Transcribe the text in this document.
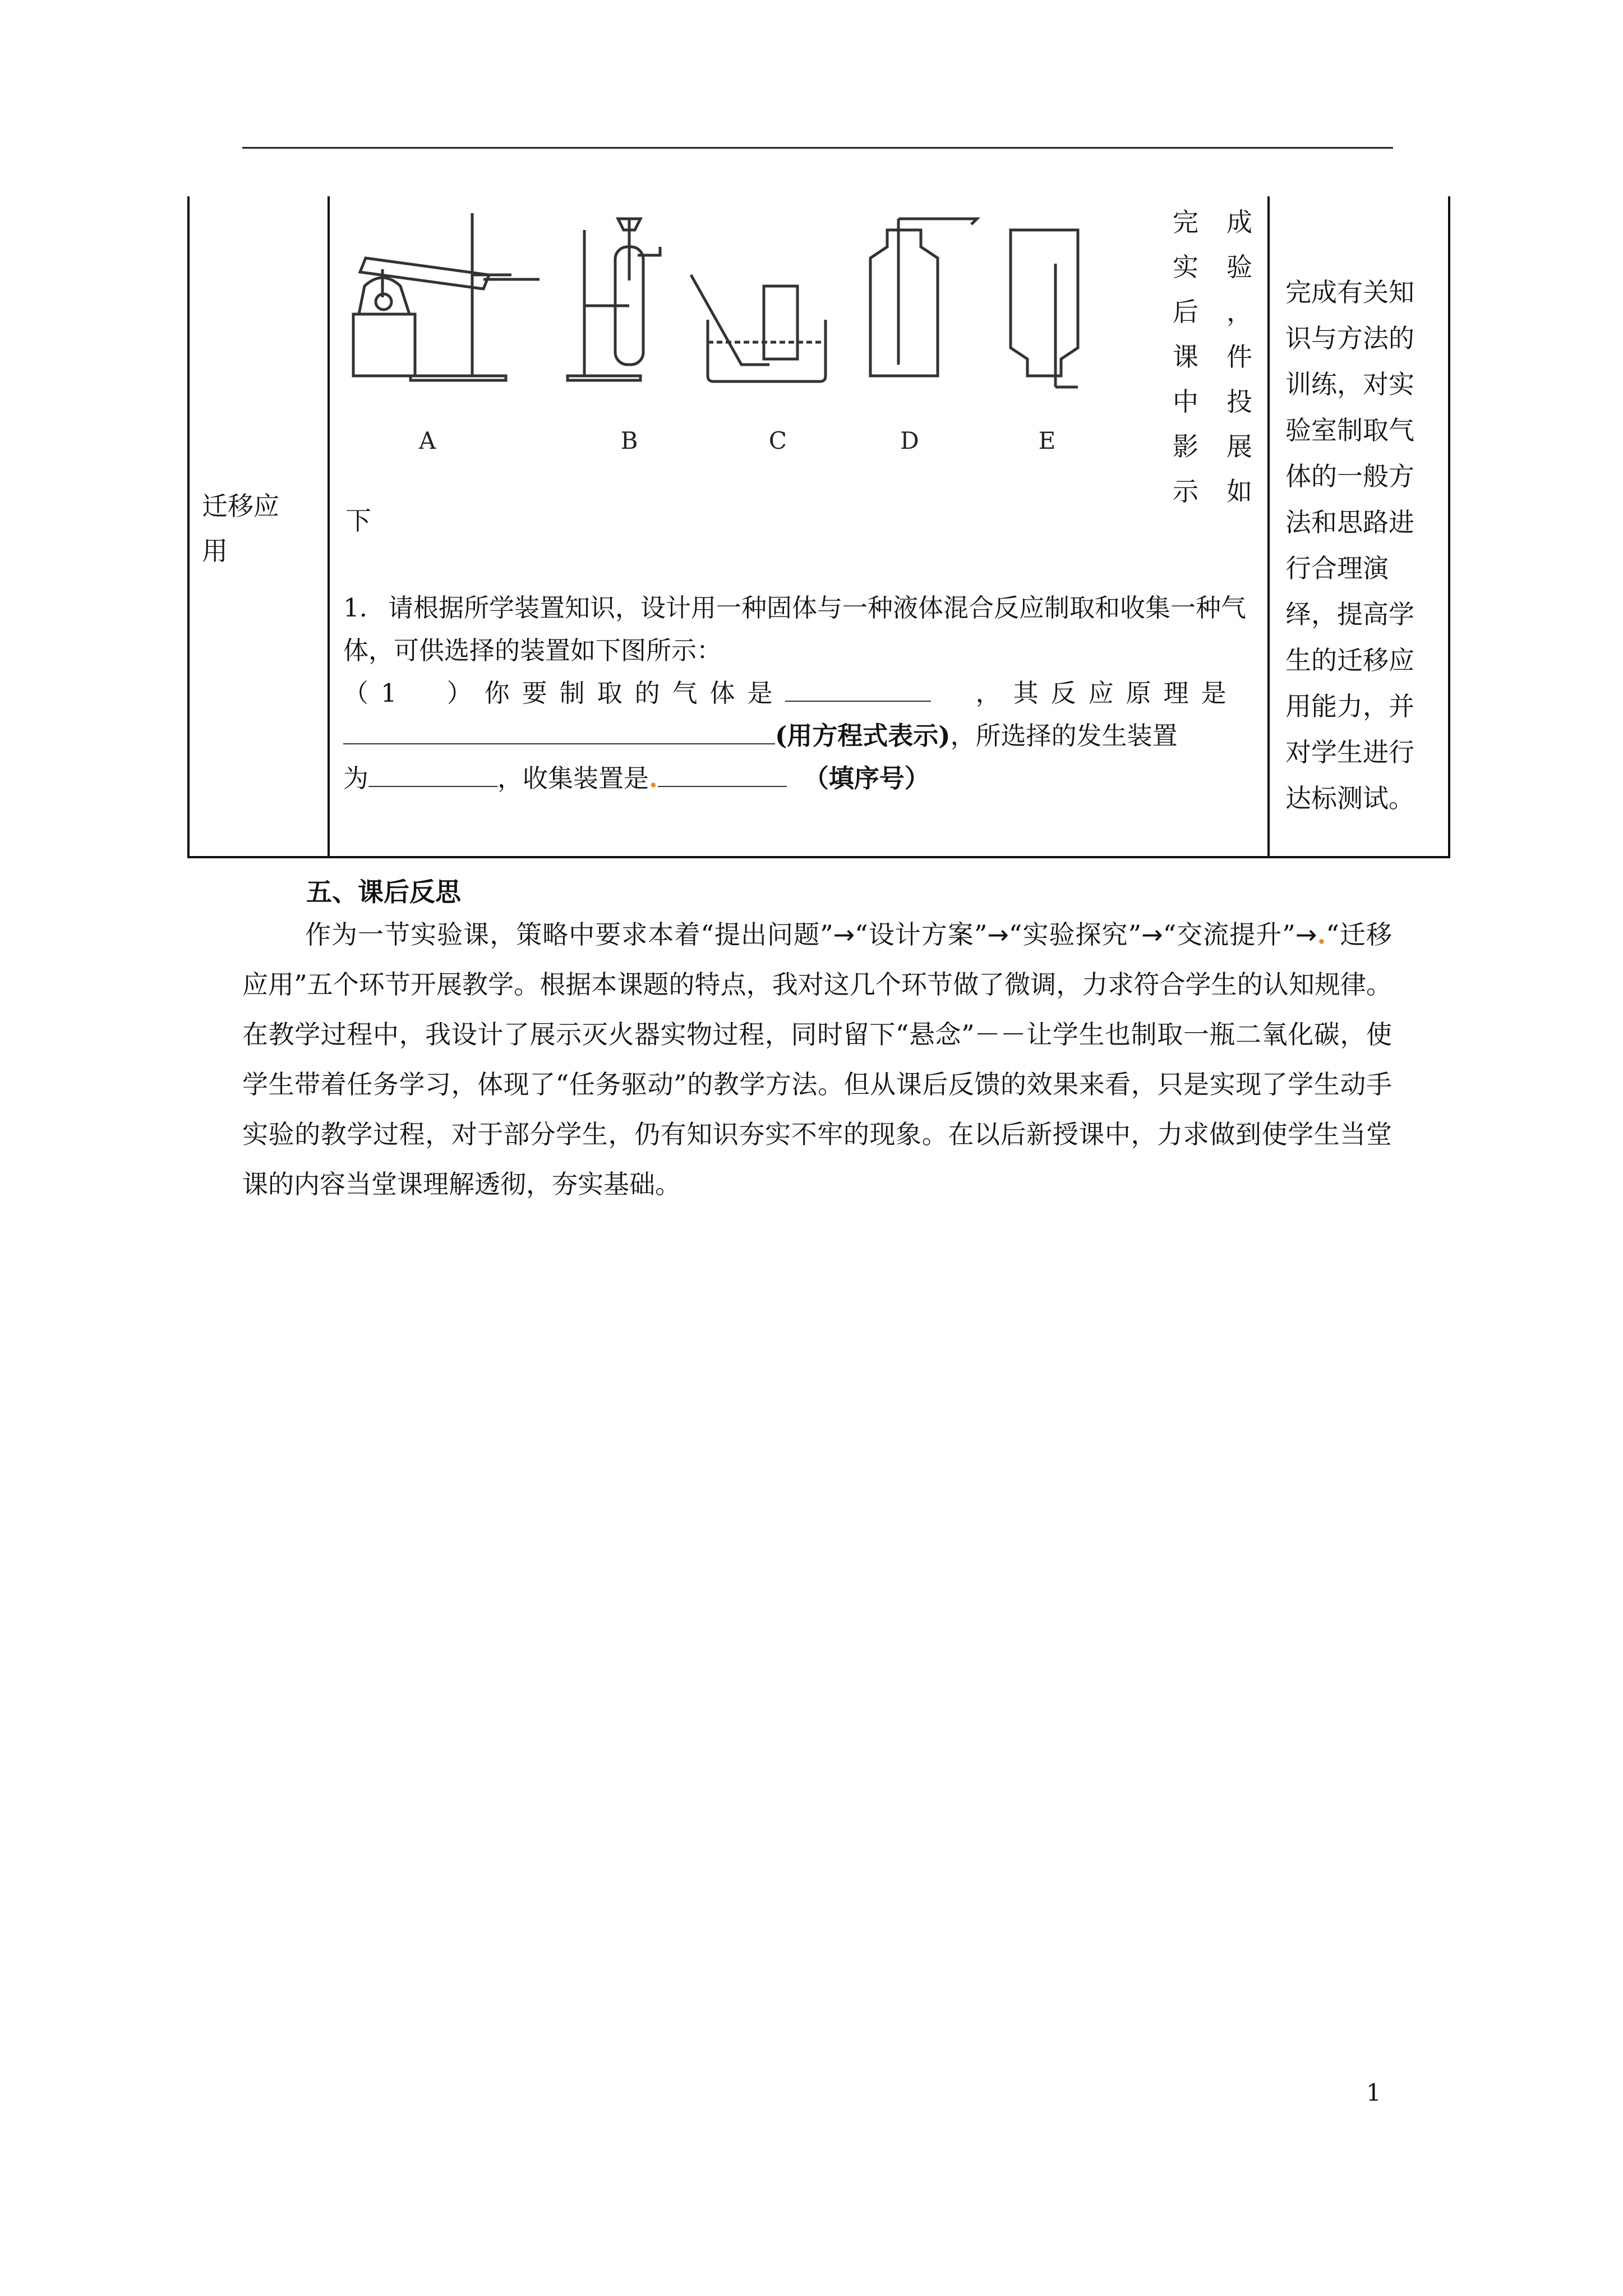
迁移应用
A	B	C	D	E
完
实
后
课
中
影
示
成
验
，
件
投
展
如
下
1. 请根据所学装置知识，设计用一种固体与一种液体混合反应制取和收集一种气体，可供选择的装置如下图所示：
（1　）你要制取的气体是	，其反应原理是
(用方程式表示)，所选择的发生装置
为	，收集装置是.	（填序号）
完成有关知识与方法的训练，对实验室制取气体的一般方法和思路进行合理演绎，提高学生的迁移应用能力，并对学生进行达标测试。
五、课后反思
作为一节实验课，策略中要求本着“提出问题”→“设计方案”→“实验探究”→“交流提升”→.“迁移应用”五个环节开展教学。根据本课题的特点，我对这几个环节做了微调，力求符合学生的认知规律。在教学过程中，我设计了展示灭火器实物过程，同时留下“悬念”－－让学生也制取一瓶二氧化碳，使学生带着任务学习，体现了“任务驱动”的教学方法。但从课后反馈的效果来看，只是实现了学生动手实验的教学过程，对于部分学生，仍有知识夯实不牢的现象。在以后新授课中，力求做到使学生当堂课的内容当堂课理解透彻，夯实基础。
1
